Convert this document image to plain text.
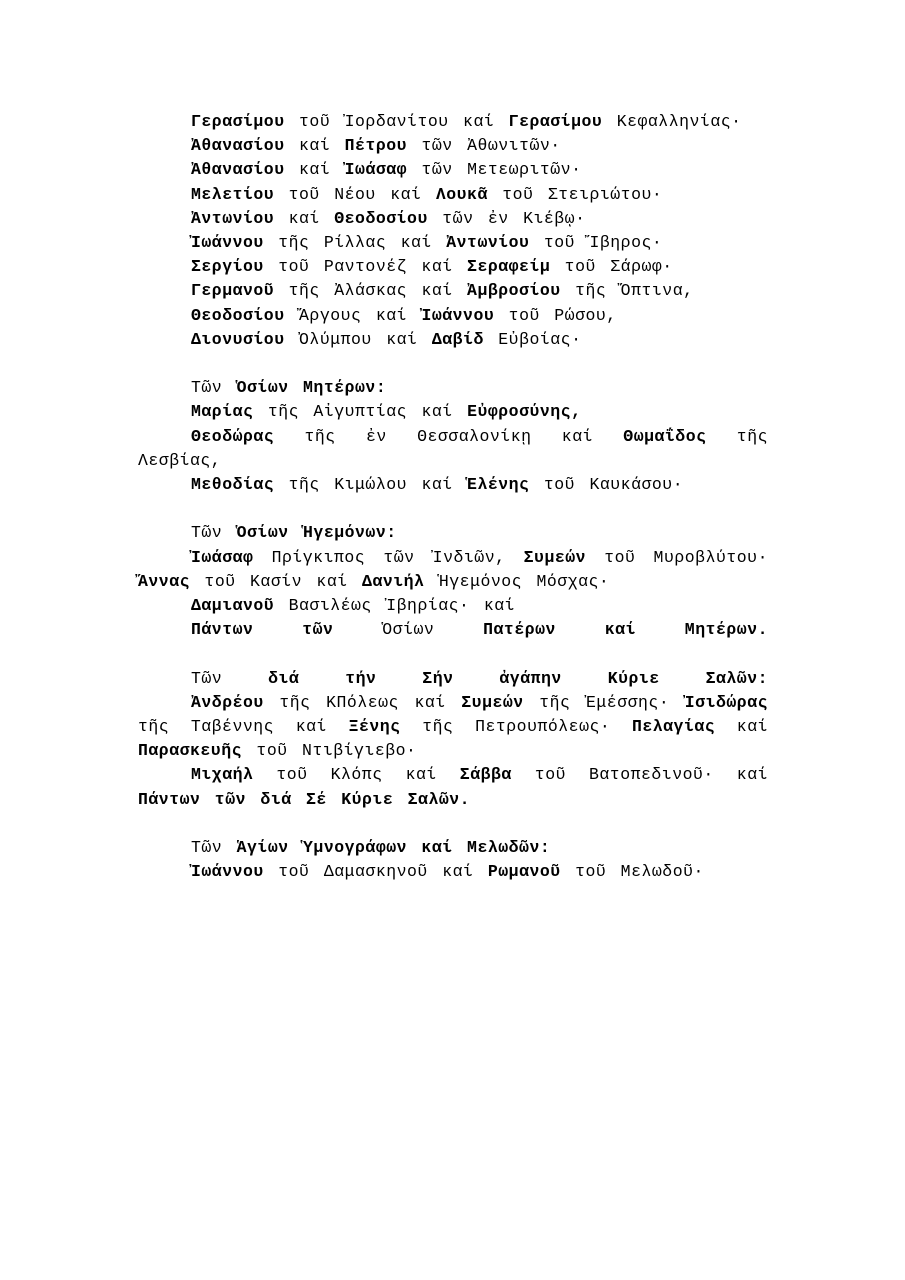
Γερασίμου τοῦ Ἰορδανίτου καί Γερασίμου Κεφαλληνίας·

Ἀθανασίου καί Πέτρου τῶν Ἀθωνιτῶν·

Ἀθανασίου καί Ἰωάσαφ τῶν Μετεωριτῶν·

Μελετίου τοῦ Νέου καί Λουκᾶ τοῦ Στειριώτου·

Ἀντωνίου καί Θεοδοσίου τῶν ἐν Κιέβῳ·

Ἰωάννου τῆς Ρίλλας καί Ἀντωνίου τοῦ Ἴβηρος·

Σεργίου τοῦ Ραντονέζ καί Σεραφείμ τοῦ Σάρωφ·

Γερμανοῦ τῆς Ἀλάσκας καί Ἀμβροσίου τῆς Ὄπτινα,

Θεοδοσίου Ἄργους καί Ἰωάννου τοῦ Ρώσου,

Διονυσίου Ὀλύμπου καί Δαβίδ Εὐβοίας·

Τῶν Ὁσίων Μητέρων:

Μαρίας τῆς Αἰγυπτίας καί Εὐφροσύνης,

Θεοδώρας τῆς ἐν Θεσσαλονίκῃ καί Θωμαΐδος τῆς Λεσβίας,

Μεθοδίας τῆς Κιμώλου καί Ἑλένης τοῦ Καυκάσου·

Τῶν Ὁσίων Ἡγεμόνων:

Ἰωάσαφ Πρίγκιπος τῶν Ἰνδιῶν, Συμεών τοῦ Μυροβλύτου· Ἄννας τοῦ Κασίν καί Δανιήλ Ἡγεμόνος Μόσχας·

Δαμιανοῦ Βασιλέως Ἰβηρίας· καί

Πάντων τῶν Ὁσίων Πατέρων καί Μητέρων.

Τῶν διά τήν Σήν ἀγάπην Κύριε Σαλῶν:

Ἀνδρέου τῆς ΚΠόλεως καί Συμεών τῆς Ἐμέσσης· Ἰσιδώρας τῆς Ταβέννης καί Ξένης τῆς Πετρουπόλεως· Πελαγίας καί Παρασκευῆς τοῦ Ντιβίγιεβο·

Μιχαήλ τοῦ Κλόπς καί Σάββα τοῦ Βατοπεδινοῦ· καί Πάντων τῶν διά Σέ Κύριε Σαλῶν.

Τῶν Ἁγίων Ὑμνογράφων καί Μελωδῶν:

Ἰωάννου τοῦ Δαμασκηνοῦ καί Ρωμανοῦ τοῦ Μελωδοῦ·
